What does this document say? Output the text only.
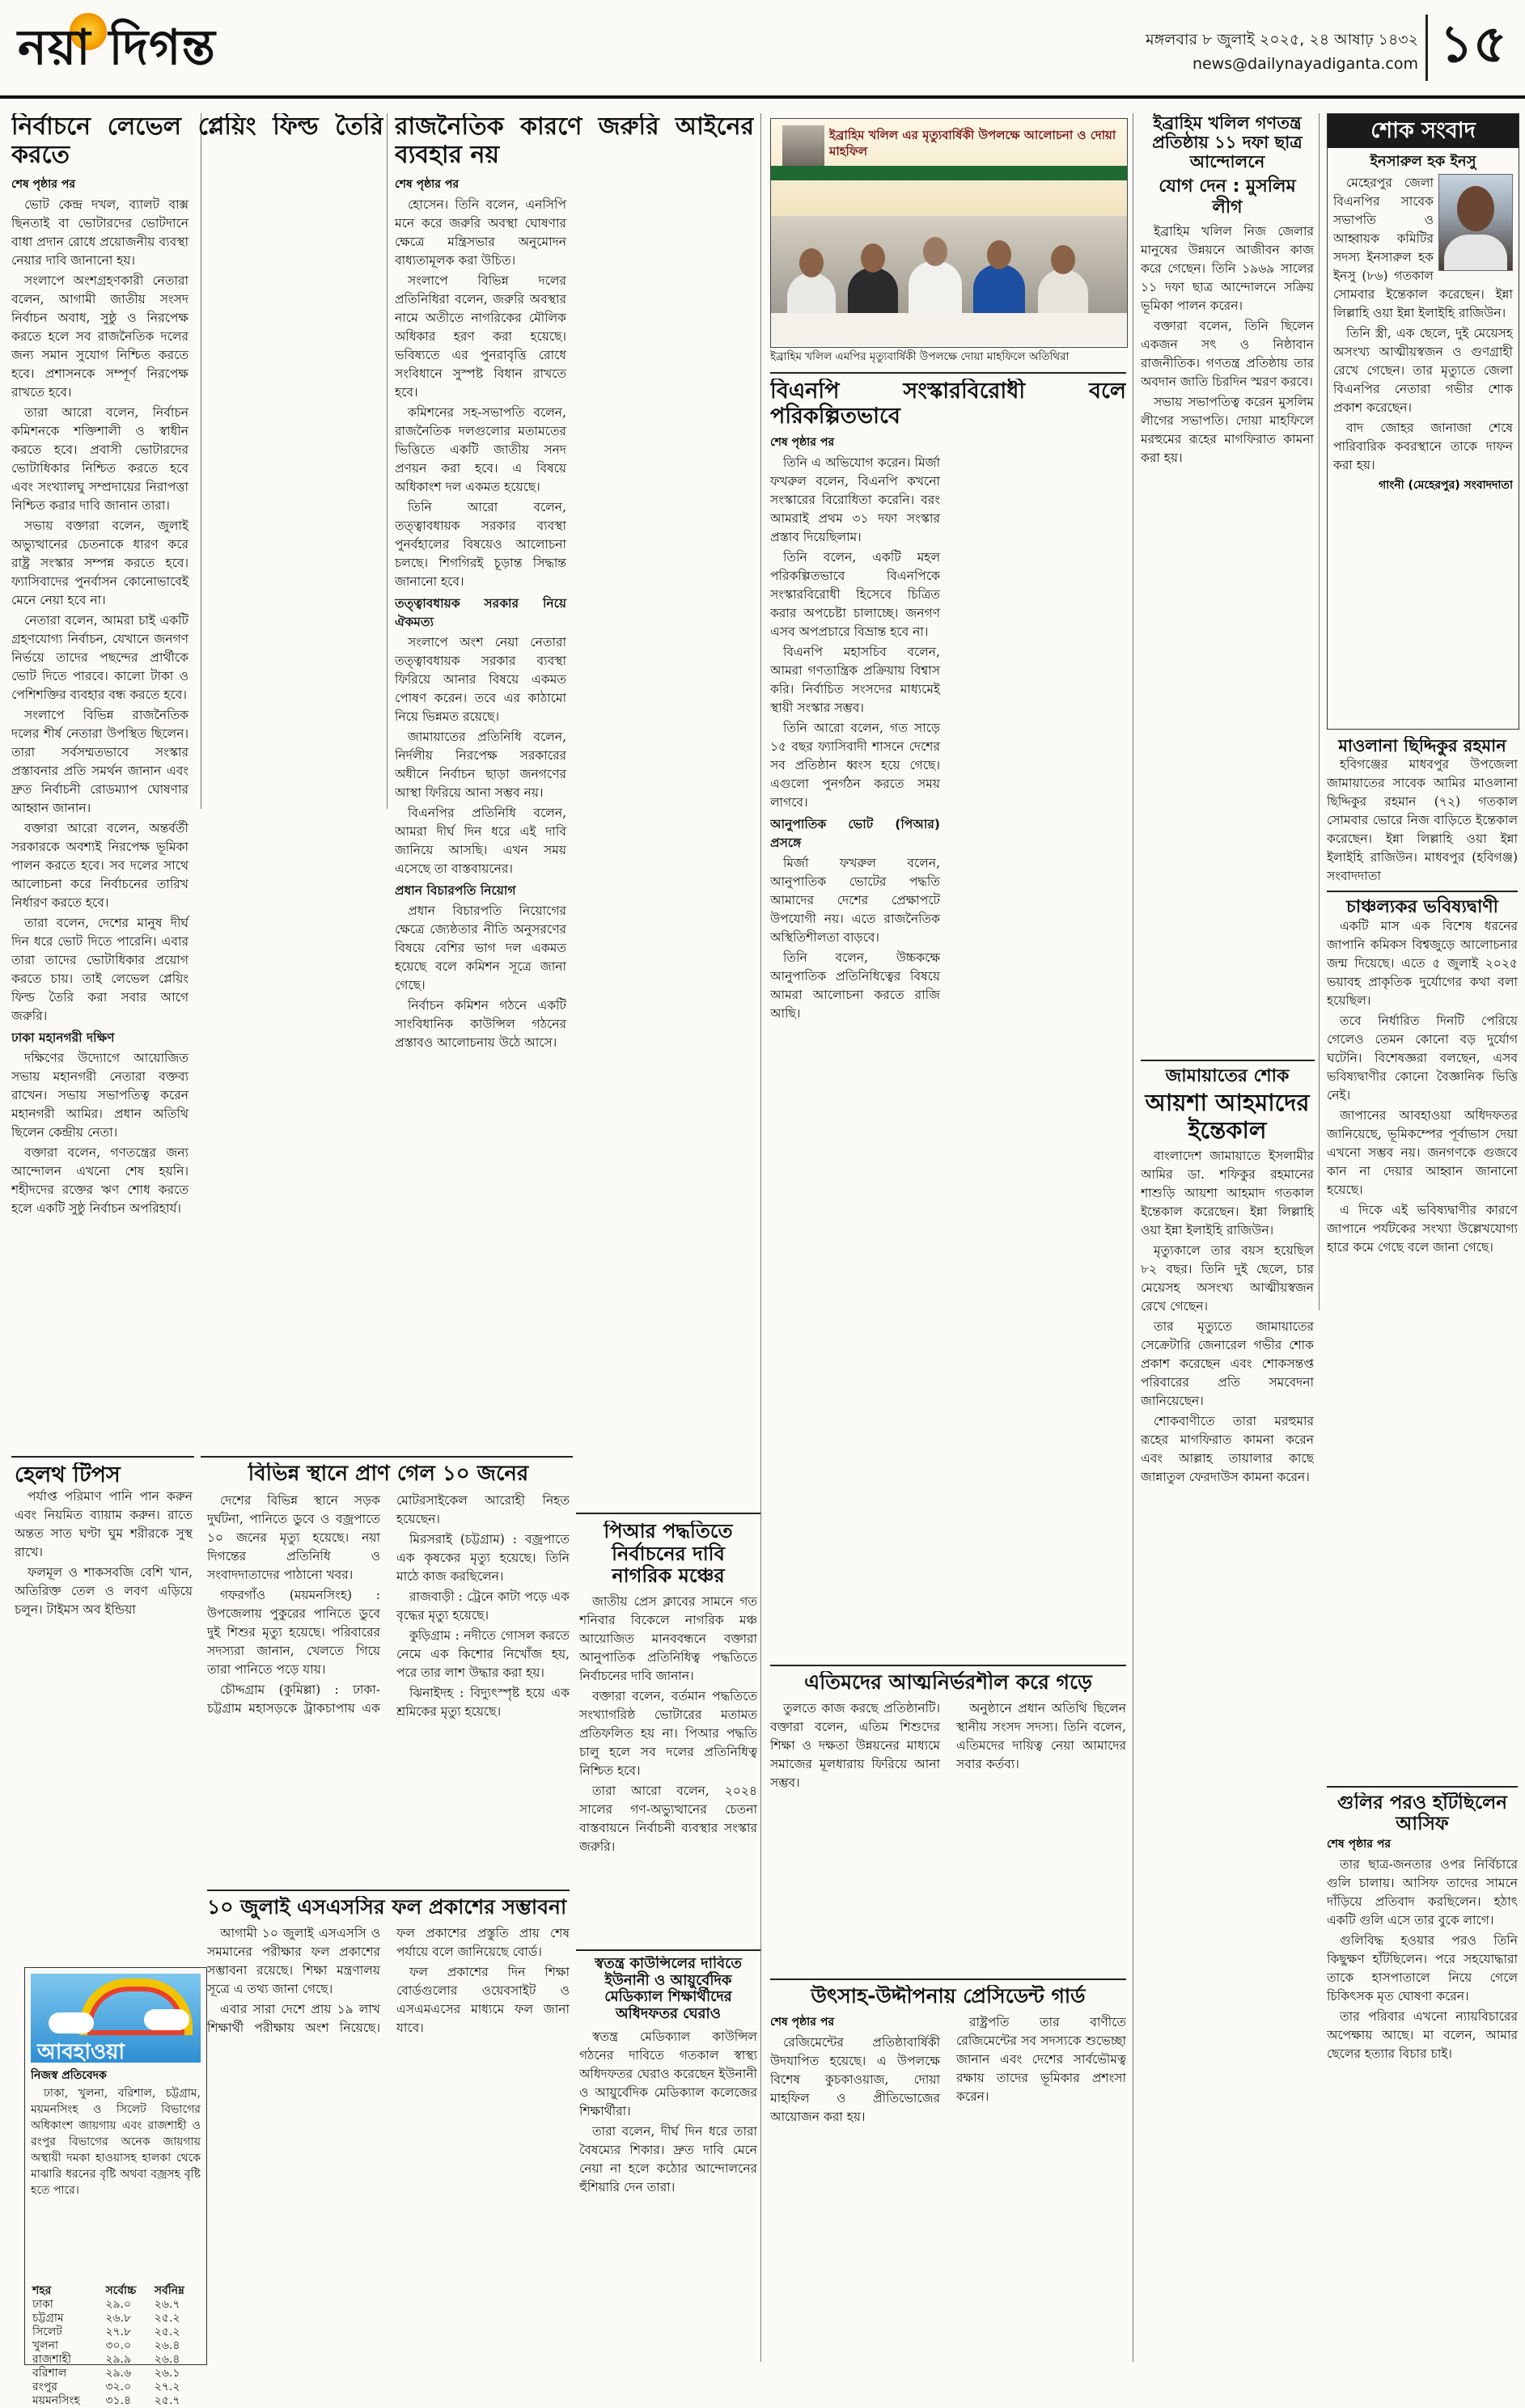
নয়া দিগন্ত	মঙ্গলবার ৮ জুলাই ২০২৫, ২৪ আষাঢ় ১৪৩২
news@dailynayadiganta.com ১৫
নির্বাচনে লেভেল প্লেয়িং ফিল্ড তৈরি করতে
শেষ পৃষ্ঠার পর

ভোট কেন্দ্র দখল, ব্যালট বাক্স ছিনতাই বা ভোটারদের ভোটদানে বাধা প্রদান রোধে প্রয়োজনীয় ব্যবস্থা নেয়ার দাবি জানানো হয়।

সংলাপে অংশগ্রহণকারী নেতারা বলেন, আগামী জাতীয় সংসদ নির্বাচন অবাধ, সুষ্ঠু ও নিরপেক্ষ করতে হলে সব রাজনৈতিক দলের জন্য সমান সুযোগ নিশ্চিত করতে হবে। প্রশাসনকে সম্পূর্ণ নিরপেক্ষ রাখতে হবে।

তারা আরো বলেন, নির্বাচন কমিশনকে শক্তিশালী ও স্বাধীন করতে হবে। প্রবাসী ভোটারদের ভোটাধিকার নিশ্চিত করতে হবে এবং সংখ্যালঘু সম্প্রদায়ের নিরাপত্তা নিশ্চিত করার দাবি জানান তারা।

সভায় বক্তারা বলেন, জুলাই অভ্যুত্থানের চেতনাকে ধারণ করে রাষ্ট্র সংস্কার সম্পন্ন করতে হবে। ফ্যাসিবাদের পুনর্বাসন কোনোভাবেই মেনে নেয়া হবে না।

নেতারা বলেন, আমরা চাই একটি গ্রহণযোগ্য নির্বাচন, যেখানে জনগণ নির্ভয়ে তাদের পছন্দের প্রার্থীকে ভোট দিতে পারবে। কালো টাকা ও পেশিশক্তির ব্যবহার বন্ধ করতে হবে।

সংলাপে বিভিন্ন রাজনৈতিক দলের শীর্ষ নেতারা উপস্থিত ছিলেন। তারা সর্বসম্মতভাবে সংস্কার প্রস্তাবনার প্রতি সমর্থন জানান এবং দ্রুত নির্বাচনী রোডম্যাপ ঘোষণার আহ্বান জানান।

বক্তারা আরো বলেন, অন্তর্বর্তী সরকারকে অবশ্যই নিরপেক্ষ ভূমিকা পালন করতে হবে। সব দলের সাথে আলোচনা করে নির্বাচনের তারিখ নির্ধারণ করতে হবে।

তারা বলেন, দেশের মানুষ দীর্ঘ দিন ধরে ভোট দিতে পারেনি। এবার তারা তাদের ভোটাধিকার প্রয়োগ করতে চায়। তাই লেভেল প্লেয়িং ফিল্ড তৈরি করা সবার আগে জরুরি।

ঢাকা মহানগরী দক্ষিণ

দক্ষিণের উদ্যোগে আয়োজিত সভায় মহানগরী নেতারা বক্তব্য রাখেন। সভায় সভাপতিত্ব করেন মহানগরী আমির। প্রধান অতিথি ছিলেন কেন্দ্রীয় নেতা।

বক্তারা বলেন, গণতন্ত্রের জন্য আন্দোলন এখনো শেষ হয়নি। শহীদদের রক্তের ঋণ শোধ করতে হলে একটি সুষ্ঠু নির্বাচন অপরিহার্য।

রাজনৈতিক কারণে জরুরি আইনের ব্যবহার নয়
শেষ পৃষ্ঠার পর

হোসেন। তিনি বলেন, এনসিপি মনে করে জরুরি অবস্থা ঘোষণার ক্ষেত্রে মন্ত্রিসভার অনুমোদন বাধ্যতামূলক করা উচিত।

সংলাপে বিভিন্ন দলের প্রতিনিধিরা বলেন, জরুরি অবস্থার নামে অতীতে নাগরিকের মৌলিক অধিকার হরণ করা হয়েছে। ভবিষ্যতে এর পুনরাবৃত্তি রোধে সংবিধানে সুস্পষ্ট বিধান রাখতে হবে।

কমিশনের সহ-সভাপতি বলেন, রাজনৈতিক দলগুলোর মতামতের ভিত্তিতে একটি জাতীয় সনদ প্রণয়ন করা হবে। এ বিষয়ে অধিকাংশ দল একমত হয়েছে।

তিনি আরো বলেন, তত্ত্বাবধায়ক সরকার ব্যবস্থা পুনর্বহালের বিষয়েও আলোচনা চলছে। শিগগিরই চূড়ান্ত সিদ্ধান্ত জানানো হবে।

তত্ত্বাবধায়ক সরকার নিয়ে ঐকমত্য

সংলাপে অংশ নেয়া নেতারা তত্ত্বাবধায়ক সরকার ব্যবস্থা ফিরিয়ে আনার বিষয়ে একমত পোষণ করেন। তবে এর কাঠামো নিয়ে ভিন্নমত রয়েছে।

জামায়াতের প্রতিনিধি বলেন, নির্দলীয় নিরপেক্ষ সরকারের অধীনে নির্বাচন ছাড়া জনগণের আস্থা ফিরিয়ে আনা সম্ভব নয়।

বিএনপির প্রতিনিধি বলেন, আমরা দীর্ঘ দিন ধরে এই দাবি জানিয়ে আসছি। এখন সময় এসেছে তা বাস্তবায়নের।

প্রধান বিচারপতি নিয়োগ

প্রধান বিচারপতি নিয়োগের ক্ষেত্রে জ্যেষ্ঠতার নীতি অনুসরণের বিষয়ে বেশির ভাগ দল একমত হয়েছে বলে কমিশন সূত্রে জানা গেছে।

নির্বাচন কমিশন গঠনে একটি সাংবিধানিক কাউন্সিল গঠনের প্রস্তাবও আলোচনায় উঠে আসে।

ইব্রাহিম খলিল এর মৃত্যুবার্ষিকী উপলক্ষে আলোচনা ও দোয়া মাহফিল
ইব্রাহিম খলিল এমপির মৃত্যুবার্ষিকী উপলক্ষে দোয়া মাহফিলে অতিথিরা
বিএনপি সংস্কারবিরোধী বলে পরিকল্পিতভাবে
শেষ পৃষ্ঠার পর

তিনি এ অভিযোগ করেন। মির্জা ফখরুল বলেন, বিএনপি কখনো সংস্কারের বিরোধিতা করেনি। বরং আমরাই প্রথম ৩১ দফা সংস্কার প্রস্তাব দিয়েছিলাম।

তিনি বলেন, একটি মহল পরিকল্পিতভাবে বিএনপিকে সংস্কারবিরোধী হিসেবে চিত্রিত করার অপচেষ্টা চালাচ্ছে। জনগণ এসব অপপ্রচারে বিভ্রান্ত হবে না।

বিএনপি মহাসচিব বলেন, আমরা গণতান্ত্রিক প্রক্রিয়ায় বিশ্বাস করি। নির্বাচিত সংসদের মাধ্যমেই স্থায়ী সংস্কার সম্ভব।

তিনি আরো বলেন, গত সাড়ে ১৫ বছর ফ্যাসিবাদী শাসনে দেশের সব প্রতিষ্ঠান ধ্বংস হয়ে গেছে। এগুলো পুনর্গঠন করতে সময় লাগবে।

আনুপাতিক ভোট (পিআর) প্রসঙ্গে

মির্জা ফখরুল বলেন, আনুপাতিক ভোটের পদ্ধতি আমাদের দেশের প্রেক্ষাপটে উপযোগী নয়। এতে রাজনৈতিক অস্থিতিশীলতা বাড়বে।

তিনি বলেন, উচ্চকক্ষে আনুপাতিক প্রতিনিধিত্বের বিষয়ে আমরা আলোচনা করতে রাজি আছি।

ইব্রাহিম খলিল গণতন্ত্র প্রতিষ্ঠায় ১১ দফা ছাত্র আন্দোলনে
যোগ দেন : মুসলিম লীগ

ইব্রাহিম খলিল নিজ জেলার মানুষের উন্নয়নে আজীবন কাজ করে গেছেন। তিনি ১৯৬৯ সালের ১১ দফা ছাত্র আন্দোলনে সক্রিয় ভূমিকা পালন করেন।

বক্তারা বলেন, তিনি ছিলেন একজন সৎ ও নিষ্ঠাবান রাজনীতিক। গণতন্ত্র প্রতিষ্ঠায় তার অবদান জাতি চিরদিন স্মরণ করবে।

সভায় সভাপতিত্ব করেন মুসলিম লীগের সভাপতি। দোয়া মাহফিলে মরহুমের রূহের মাগফিরাত কামনা করা হয়।

শোক সংবাদ
ইনসারুল হক ইনসু

মেহেরপুর জেলা বিএনপির সাবেক সভাপতি ও আহ্বায়ক কমিটির সদস্য ইনসারুল হক ইনসু (৮৬) গতকাল সোমবার ইন্তেকাল করেছেন। ইন্না লিল্লাহি ওয়া ইন্না ইলাইহি রাজিউন।

তিনি স্ত্রী, এক ছেলে, দুই মেয়েসহ অসংখ্য আত্মীয়স্বজন ও গুণগ্রাহী রেখে গেছেন। তার মৃত্যুতে জেলা বিএনপির নেতারা গভীর শোক প্রকাশ করেছেন।

বাদ জোহর জানাজা শেষে পারিবারিক কবরস্থানে তাকে দাফন করা হয়।

গাংনী (মেহেরপুর) সংবাদদাতা
মাওলানা ছিদ্দিকুর রহমান

হবিগঞ্জের মাধবপুর উপজেলা জামায়াতের সাবেক আমির মাওলানা ছিদ্দিকুর রহমান (৭২) গতকাল সোমবার ভোরে নিজ বাড়িতে ইন্তেকাল করেছেন। ইন্না লিল্লাহি ওয়া ইন্না ইলাইহি রাজিউন। মাধবপুর (হবিগঞ্জ) সংবাদদাতা

চাঞ্চল্যকর ভবিষ্যদ্বাণী

একটি মাস এক বিশেষ ধরনের জাপানি কমিকস বিশ্বজুড়ে আলোচনার জন্ম দিয়েছে। এতে ৫ জুলাই ২০২৫ ভয়াবহ প্রাকৃতিক দুর্যোগের কথা বলা হয়েছিল।

তবে নির্ধারিত দিনটি পেরিয়ে গেলেও তেমন কোনো বড় দুর্যোগ ঘটেনি। বিশেষজ্ঞরা বলছেন, এসব ভবিষ্যদ্বাণীর কোনো বৈজ্ঞানিক ভিত্তি নেই।

জাপানের আবহাওয়া অধিদফতর জানিয়েছে, ভূমিকম্পের পূর্বাভাস দেয়া এখনো সম্ভব নয়। জনগণকে গুজবে কান না দেয়ার আহ্বান জানানো হয়েছে।

এ দিকে এই ভবিষ্যদ্বাণীর কারণে জাপানে পর্যটকের সংখ্যা উল্লেখযোগ্য হারে কমে গেছে বলে জানা গেছে।

জামায়াতের শোক
আয়শা আহমাদের ইন্তেকাল

বাংলাদেশ জামায়াতে ইসলামীর আমির ডা. শফিকুর রহমানের শাশুড়ি আয়শা আহমাদ গতকাল ইন্তেকাল করেছেন। ইন্না লিল্লাহি ওয়া ইন্না ইলাইহি রাজিউন।

মৃত্যুকালে তার বয়স হয়েছিল ৮২ বছর। তিনি দুই ছেলে, চার মেয়েসহ অসংখ্য আত্মীয়স্বজন রেখে গেছেন।

তার মৃত্যুতে জামায়াতের সেক্রেটারি জেনারেল গভীর শোক প্রকাশ করেছেন এবং শোকসন্তপ্ত পরিবারের প্রতি সমবেদনা জানিয়েছেন।

শোকবাণীতে তারা মরহুমার রূহের মাগফিরাত কামনা করেন এবং আল্লাহ তায়ালার কাছে জান্নাতুল ফেরদাউস কামনা করেন।

গুলির পরও হাঁটছিলেন আসিফ
শেষ পৃষ্ঠার পর

তার ছাত্র-জনতার ওপর নির্বিচারে গুলি চালায়। আসিফ তাদের সামনে দাঁড়িয়ে প্রতিবাদ করছিলেন। হঠাৎ একটি গুলি এসে তার বুকে লাগে।

গুলিবিদ্ধ হওয়ার পরও তিনি কিছুক্ষণ হাঁটছিলেন। পরে সহযোদ্ধারা তাকে হাসপাতালে নিয়ে গেলে চিকিৎসক মৃত ঘোষণা করেন।

তার পরিবার এখনো ন্যায়বিচারের অপেক্ষায় আছে। মা বলেন, আমার ছেলের হত্যার বিচার চাই।

পিআর পদ্ধতিতে নির্বাচনের দাবি নাগরিক মঞ্চের

জাতীয় প্রেস ক্লাবের সামনে গত শনিবার বিকেলে নাগরিক মঞ্চ আয়োজিত মানববন্ধনে বক্তারা আনুপাতিক প্রতিনিধিত্ব পদ্ধতিতে নির্বাচনের দাবি জানান।

বক্তারা বলেন, বর্তমান পদ্ধতিতে সংখ্যাগরিষ্ঠ ভোটারের মতামত প্রতিফলিত হয় না। পিআর পদ্ধতি চালু হলে সব দলের প্রতিনিধিত্ব নিশ্চিত হবে।

তারা আরো বলেন, ২০২৪ সালের গণ-অভ্যুত্থানের চেতনা বাস্তবায়নে নির্বাচনী ব্যবস্থার সংস্কার জরুরি।

স্বতন্ত্র কাউন্সিলের দাবিতে ইউনানী ও আয়ুর্বেদিক মেডিক্যাল শিক্ষার্থীদের অধিদফতর ঘেরাও

স্বতন্ত্র মেডিক্যাল কাউন্সিল গঠনের দাবিতে গতকাল স্বাস্থ্য অধিদফতর ঘেরাও করেছেন ইউনানী ও আয়ুর্বেদিক মেডিক্যাল কলেজের শিক্ষার্থীরা।

তারা বলেন, দীর্ঘ দিন ধরে তারা বৈষম্যের শিকার। দ্রুত দাবি মেনে নেয়া না হলে কঠোর আন্দোলনের হুঁশিয়ারি দেন তারা।

এতিমদের আত্মনির্ভরশীল করে গড়ে

তুলতে কাজ করছে প্রতিষ্ঠানটি। বক্তারা বলেন, এতিম শিশুদের শিক্ষা ও দক্ষতা উন্নয়নের মাধ্যমে সমাজের মূলধারায় ফিরিয়ে আনা সম্ভব।

অনুষ্ঠানে প্রধান অতিথি ছিলেন স্থানীয় সংসদ সদস্য। তিনি বলেন, এতিমদের দায়িত্ব নেয়া আমাদের সবার কর্তব্য।

উৎসাহ-উদ্দীপনায় প্রেসিডেন্ট গার্ড
শেষ পৃষ্ঠার পর

রেজিমেন্টের প্রতিষ্ঠাবার্ষিকী উদযাপিত হয়েছে। এ উপলক্ষে বিশেষ কুচকাওয়াজ, দোয়া মাহফিল ও প্রীতিভোজের আয়োজন করা হয়।

রাষ্ট্রপতি তার বাণীতে রেজিমেন্টের সব সদস্যকে শুভেচ্ছা জানান এবং দেশের সার্বভৌমত্ব রক্ষায় তাদের ভূমিকার প্রশংসা করেন।

হেলথ টিপস

পর্যাপ্ত পরিমাণ পানি পান করুন এবং নিয়মিত ব্যায়াম করুন। রাতে অন্তত সাত ঘণ্টা ঘুম শরীরকে সুস্থ রাখে।

ফলমূল ও শাকসবজি বেশি খান, অতিরিক্ত তেল ও লবণ এড়িয়ে চলুন। টাইমস অব ইন্ডিয়া

বিভিন্ন স্থানে প্রাণ গেল ১০ জনের

দেশের বিভিন্ন স্থানে সড়ক দুর্ঘটনা, পানিতে ডুবে ও বজ্রপাতে ১০ জনের মৃত্যু হয়েছে। নয়া দিগন্তের প্রতিনিধি ও সংবাদদাতাদের পাঠানো খবর।

গফরগাঁও (ময়মনসিংহ) : উপজেলায় পুকুরের পানিতে ডুবে দুই শিশুর মৃত্যু হয়েছে। পরিবারের সদস্যরা জানান, খেলতে গিয়ে তারা পানিতে পড়ে যায়।

চৌদ্দগ্রাম (কুমিল্লা) : ঢাকা-চট্টগ্রাম মহাসড়কে ট্রাকচাপায় এক মোটরসাইকেল আরোহী নিহত হয়েছেন।

মিরসরাই (চট্টগ্রাম) : বজ্রপাতে এক কৃষকের মৃত্যু হয়েছে। তিনি মাঠে কাজ করছিলেন।

রাজবাড়ী : ট্রেনে কাটা পড়ে এক বৃদ্ধের মৃত্যু হয়েছে।

কুড়িগ্রাম : নদীতে গোসল করতে নেমে এক কিশোর নিখোঁজ হয়, পরে তার লাশ উদ্ধার করা হয়।

ঝিনাইদহ : বিদ্যুৎস্পৃষ্ট হয়ে এক শ্রমিকের মৃত্যু হয়েছে।

১০ জুলাই এসএসসির ফল প্রকাশের সম্ভাবনা

আগামী ১০ জুলাই এসএসসি ও সমমানের পরীক্ষার ফল প্রকাশের সম্ভাবনা রয়েছে। শিক্ষা মন্ত্রণালয় সূত্রে এ তথ্য জানা গেছে।

এবার সারা দেশে প্রায় ১৯ লাখ শিক্ষার্থী পরীক্ষায় অংশ নিয়েছে। ফল প্রকাশের প্রস্তুতি প্রায় শেষ পর্যায়ে বলে জানিয়েছে বোর্ড।

ফল প্রকাশের দিন শিক্ষা বোর্ডগুলোর ওয়েবসাইট ও এসএমএসের মাধ্যমে ফল জানা যাবে।

আবহাওয়া
নিজস্ব প্রতিবেদক

ঢাকা, খুলনা, বরিশাল, চট্টগ্রাম, ময়মনসিংহ ও সিলেট বিভাগের অধিকাংশ জায়গায় এবং রাজশাহী ও রংপুর বিভাগের অনেক জায়গায় অস্থায়ী দমকা হাওয়াসহ হালকা থেকে মাঝারি ধরনের বৃষ্টি অথবা বজ্রসহ বৃষ্টি হতে পারে।

শহর	সর্বোচ্চ	সর্বনিম্ন
ঢাকা	২৯.০	২৬.৭
চট্টগ্রাম	২৬.৮	২৫.২
সিলেট	২৭.৮	২৫.২
খুলনা	৩০.০	২৬.৪
রাজশাহী	২৯.৯	২৬.৪
বরিশাল	২৯.৬	২৬.১
রংপুর	৩২.০	২৭.২
ময়মনসিংহ	৩১.৪	২৫.৭
